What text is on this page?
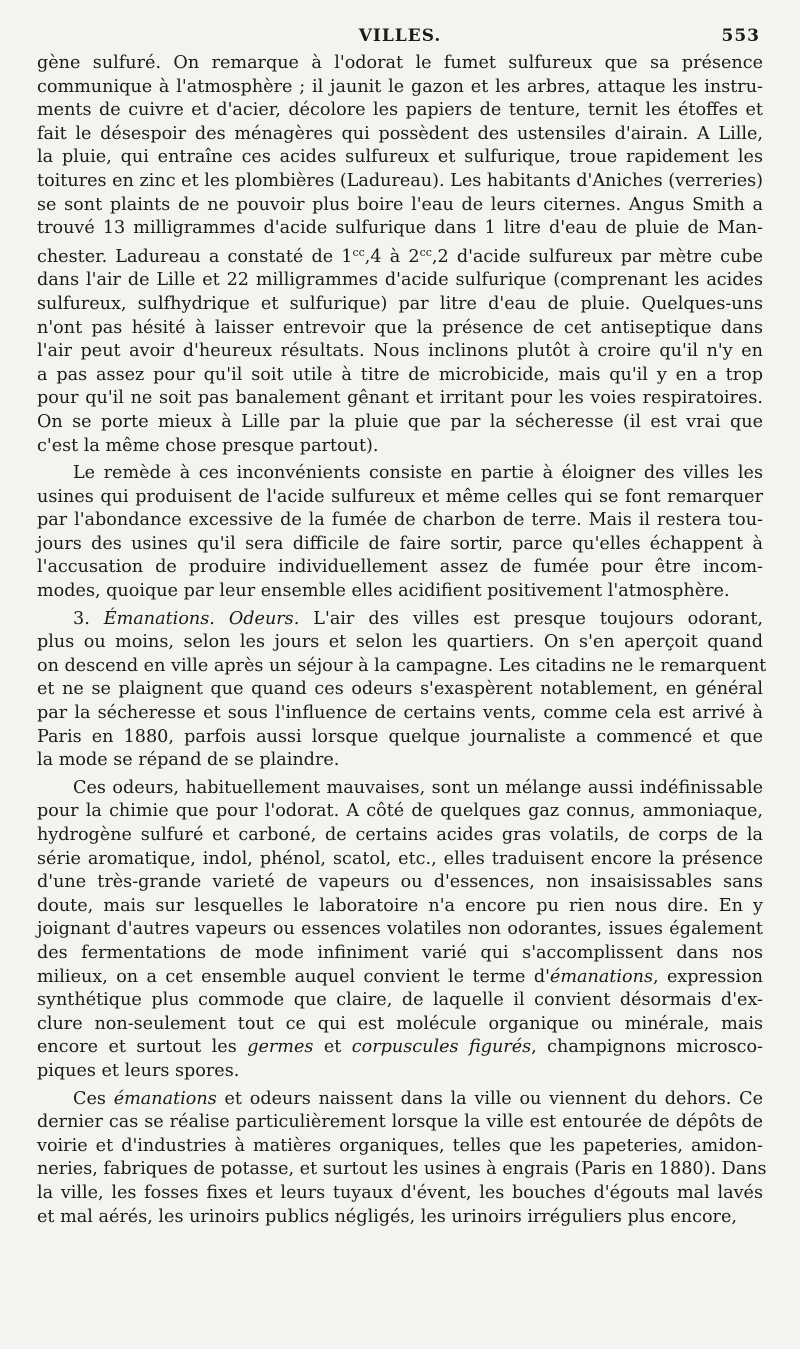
VILLES.	553
gène sulfuré. On remarque à l'odorat le fumet sulfureux que sa présence
communique à l'atmosphère ; il jaunit le gazon et les arbres, attaque les instru-
ments de cuivre et d'acier, décolore les papiers de tenture, ternit les étoffes et
fait le désespoir des ménagères qui possèdent des ustensiles d'airain. A Lille,
la pluie, qui entraîne ces acides sulfureux et sulfurique, troue rapidement les
toitures en zinc et les plombières (Ladureau). Les habitants d'Aniches (verreries)
se sont plaints de ne pouvoir plus boire l'eau de leurs citernes. Angus Smith a
trouvé 13 milligrammes d'acide sulfurique dans 1 litre d'eau de pluie de Man-
chester. Ladureau a constaté de $1^{cc},4$ à $2^{cc},2$ d'acide sulfureux par mètre cube
dans l'air de Lille et 22 milligrammes d'acide sulfurique (comprenant les acides
sulfureux, sulfhydrique et sulfurique) par litre d'eau de pluie. Quelques-uns
n'ont pas hésité à laisser entrevoir que la présence de cet antiseptique dans
l'air peut avoir d'heureux résultats. Nous inclinons plutôt à croire qu'il n'y en
a pas assez pour qu'il soit utile à titre de microbicide, mais qu'il y en a trop
pour qu'il ne soit pas banalement gênant et irritant pour les voies respiratoires.
On se porte mieux à Lille par la pluie que par la sécheresse (il est vrai que
c'est la même chose presque partout).
Le remède à ces inconvénients consiste en partie à éloigner des villes les
usines qui produisent de l'acide sulfureux et même celles qui se font remarquer
par l'abondance excessive de la fumée de charbon de terre. Mais il restera tou-
jours des usines qu'il sera difficile de faire sortir, parce qu'elles échappent à
l'accusation de produire individuellement assez de fumée pour être incom-
modes, quoique par leur ensemble elles acidifient positivement l'atmosphère.
3. Émanations. Odeurs. L'air des villes est presque toujours odorant,
plus ou moins, selon les jours et selon les quartiers. On s'en aperçoit quand
on descend en ville après un séjour à la campagne. Les citadins ne le remarquent
et ne se plaignent que quand ces odeurs s'exaspèrent notablement, en général
par la sécheresse et sous l'influence de certains vents, comme cela est arrivé à
Paris en 1880, parfois aussi lorsque quelque journaliste a commencé et que
la mode se répand de se plaindre.
Ces odeurs, habituellement mauvaises, sont un mélange aussi indéfinissable
pour la chimie que pour l'odorat. A côté de quelques gaz connus, ammoniaque,
hydrogène sulfuré et carboné, de certains acides gras volatils, de corps de la
série aromatique, indol, phénol, scatol, etc., elles traduisent encore la présence
d'une très-grande varieté de vapeurs ou d'essences, non insaisissables sans
doute, mais sur lesquelles le laboratoire n'a encore pu rien nous dire. En y
joignant d'autres vapeurs ou essences volatiles non odorantes, issues également
des fermentations de mode infiniment varié qui s'accomplissent dans nos
milieux, on a cet ensemble auquel convient le terme d'émanations, expression
synthétique plus commode que claire, de laquelle il convient désormais d'ex-
clure non-seulement tout ce qui est molécule organique ou minérale, mais
encore et surtout les germes et corpuscules figurés, champignons microsco-
piques et leurs spores.
Ces émanations et odeurs naissent dans la ville ou viennent du dehors. Ce
dernier cas se réalise particulièrement lorsque la ville est entourée de dépôts de
voirie et d'industries à matières organiques, telles que les papeteries, amidon-
neries, fabriques de potasse, et surtout les usines à engrais (Paris en 1880). Dans
la ville, les fosses fixes et leurs tuyaux d'évent, les bouches d'égouts mal lavés
et mal aérés, les urinoirs publics négligés, les urinoirs irréguliers plus encore,
